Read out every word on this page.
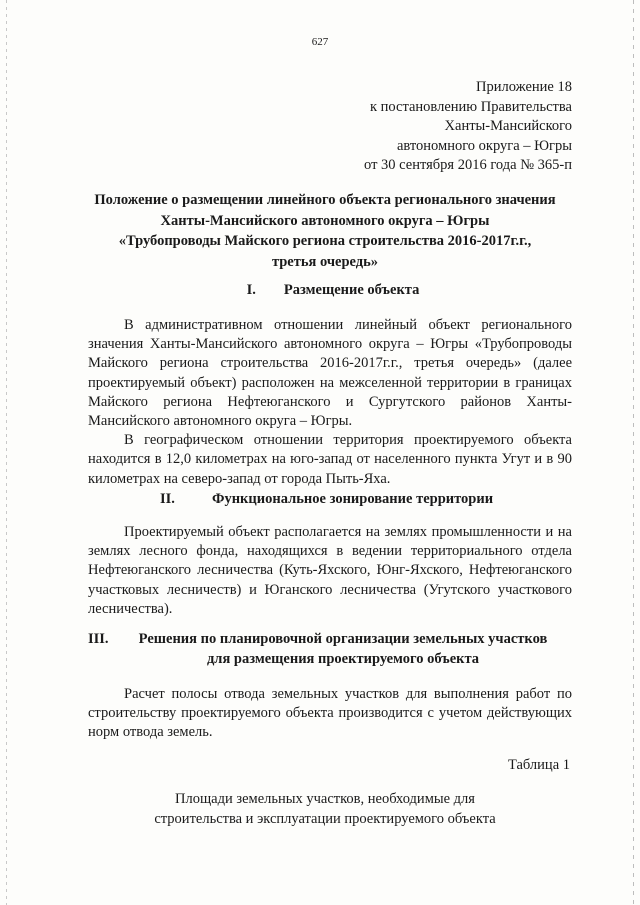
627
Приложение 18
к постановлению Правительства
Ханты-Мансийского
автономного округа – Югры
от 30 сентября 2016 года № 365-п
Положение о размещении линейного объекта регионального значения
Ханты-Мансийского автономного округа – Югры
«Трубопроводы Майского региона строительства 2016-2017г.г.,
третья очередь»
I. Размещение объекта

В административном отношении линейный объект регионального значения Ханты-Мансийского автономного округа – Югры «Трубопроводы Майского региона строительства 2016-2017г.г., третья очередь» (далее проектируемый объект) расположен на межселенной территории в границах Майского региона Нефтеюганского и Сургутского районов Ханты-Мансийского автономного округа – Югры.

В географическом отношении территория проектируемого объекта находится в 12,0 километрах на юго-запад от населенного пункта Угут и в 90 километрах на северо-запад от города Пыть-Яха.

II.	Функциональное зонирование территории

Проектируемый объект располагается на землях промышленности и на землях лесного фонда, находящихся в ведении территориального отдела Нефтеюганского лесничества (Куть-Яхского, Юнг-Яхского, Нефтеюганского участковых лесничеств) и Юганского лесничества (Угутского участкового лесничества).

III.	Решения по планировочной организации земельных участков
для размещения проектируемого объекта

Расчет полосы отвода земельных участков для выполнения работ по строительству проектируемого объекта производится с учетом действующих норм отвода земель.

Таблица 1
Площади земельных участков, необходимые для
строительства и эксплуатации проектируемого объекта
